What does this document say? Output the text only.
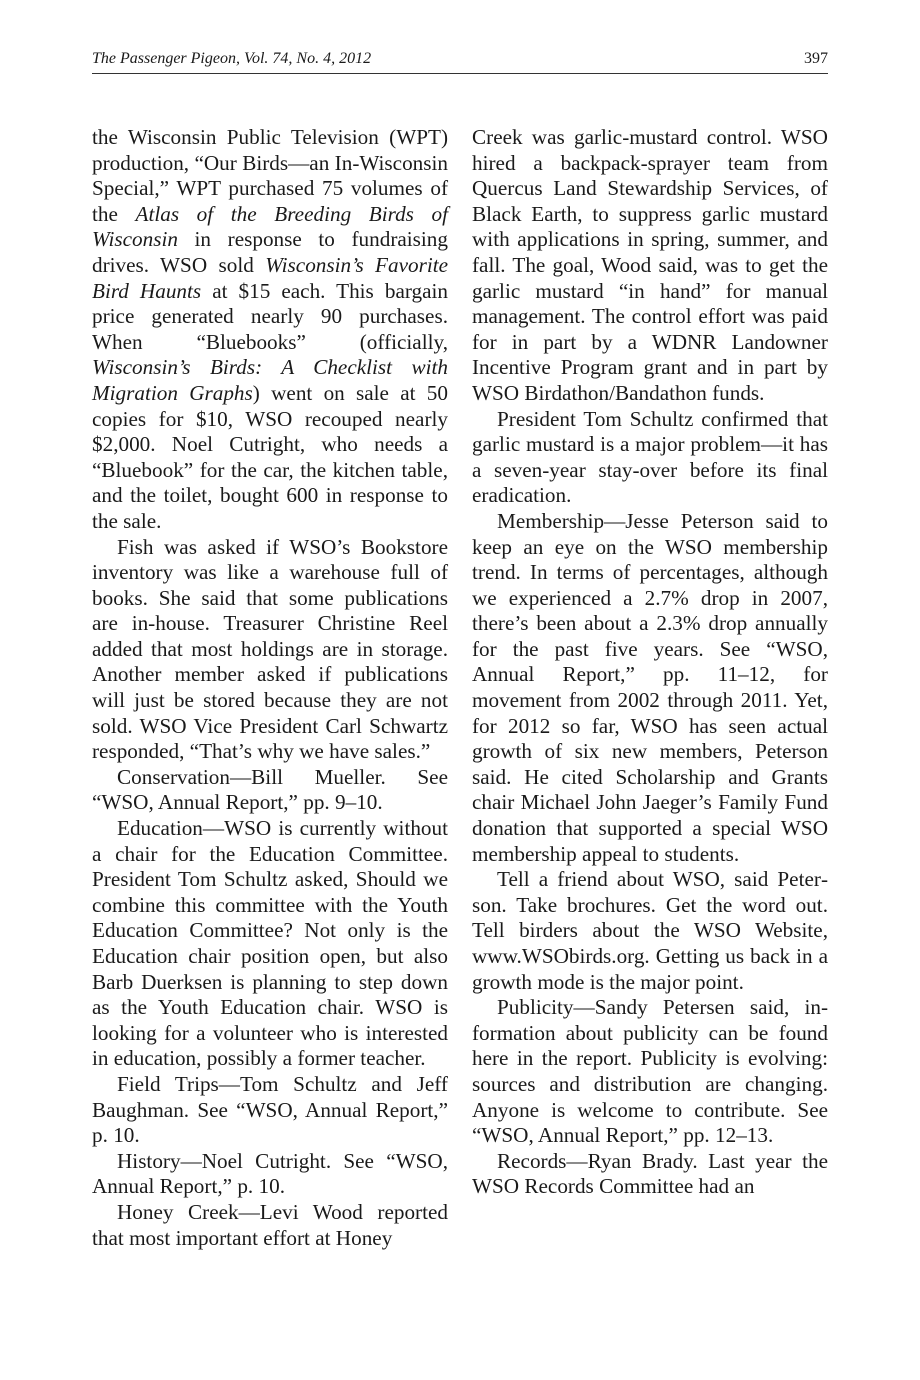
The Passenger Pigeon, Vol. 74, No. 4, 2012	397

the Wisconsin Public Television (WPT) production, “Our Birds—an In-Wisconsin Special,” WPT purchased 75 volumes of the Atlas of the Breeding Birds of Wisconsin in response to fundraising drives. WSO sold Wisconsin’s Favorite Bird Haunts at $15 each. This bargain price generated nearly 90 purchases. When “Bluebooks” (officially, Wisconsin’s Birds: A Checklist with Migration Graphs) went on sale at 50 copies for $10, WSO recouped nearly $2,000. Noel Cutright, who needs a “Bluebook” for the car, the kitchen table, and the toilet, bought 600 in response to the sale.

Fish was asked if WSO’s Bookstore inventory was like a warehouse full of books. She said that some publications are in-house. Treasurer Christine Reel added that most holdings are in storage. Another member asked if publications will just be stored because they are not sold. WSO Vice President Carl Schwartz responded, “That’s why we have sales.”

Conservation—Bill Mueller. See “WSO, Annual Report,” pp. 9–10.

Education—WSO is currently without a chair for the Education Committee. President Tom Schultz asked, Should we combine this committee with the Youth Education Committee? Not only is the Education chair position open, but also Barb Duerksen is planning to step down as the Youth Education chair. WSO is looking for a volunteer who is interested in education, possibly a former teacher.

Field Trips—Tom Schultz and Jeff Baughman. See “WSO, Annual Report,” p. 10.

History—Noel Cutright. See “WSO, Annual Report,” p. 10.

Honey Creek—Levi Wood reported that most important effort at Honey

Creek was garlic-mustard control. WSO hired a backpack-sprayer team from Quercus Land Stewardship Services, of Black Earth, to suppress garlic mustard with applications in spring, summer, and fall. The goal, Wood said, was to get the garlic mustard “in hand” for manual management. The control effort was paid for in part by a WDNR Landowner Incentive Program grant and in part by WSO Birdathon/Bandathon funds.

President Tom Schultz confirmed that garlic mustard is a major problem—it has a seven-year stay-over before its final eradication.

Membership—Jesse Peterson said to keep an eye on the WSO membership trend. In terms of percentages, although we experienced a 2.7% drop in 2007, there’s been about a 2.3% drop annually for the past five years. See “WSO, Annual Report,” pp. 11–12, for movement from 2002 through 2011. Yet, for 2012 so far, WSO has seen actual growth of six new members, Peterson said. He cited Scholarship and Grants chair Michael John Jaeger’s Family Fund donation that supported a special WSO membership appeal to students.

Tell a friend about WSO, said Peterson. Take brochures. Get the word out. Tell birders about the WSO Website, www.WSObirds.org. Getting us back in a growth mode is the major point.

Publicity—Sandy Petersen said, information about publicity can be found here in the report. Publicity is evolving: sources and distribution are changing. Anyone is welcome to contribute. See “WSO, Annual Report,” pp. 12–13.

Records—Ryan Brady. Last year the WSO Records Committee had an
